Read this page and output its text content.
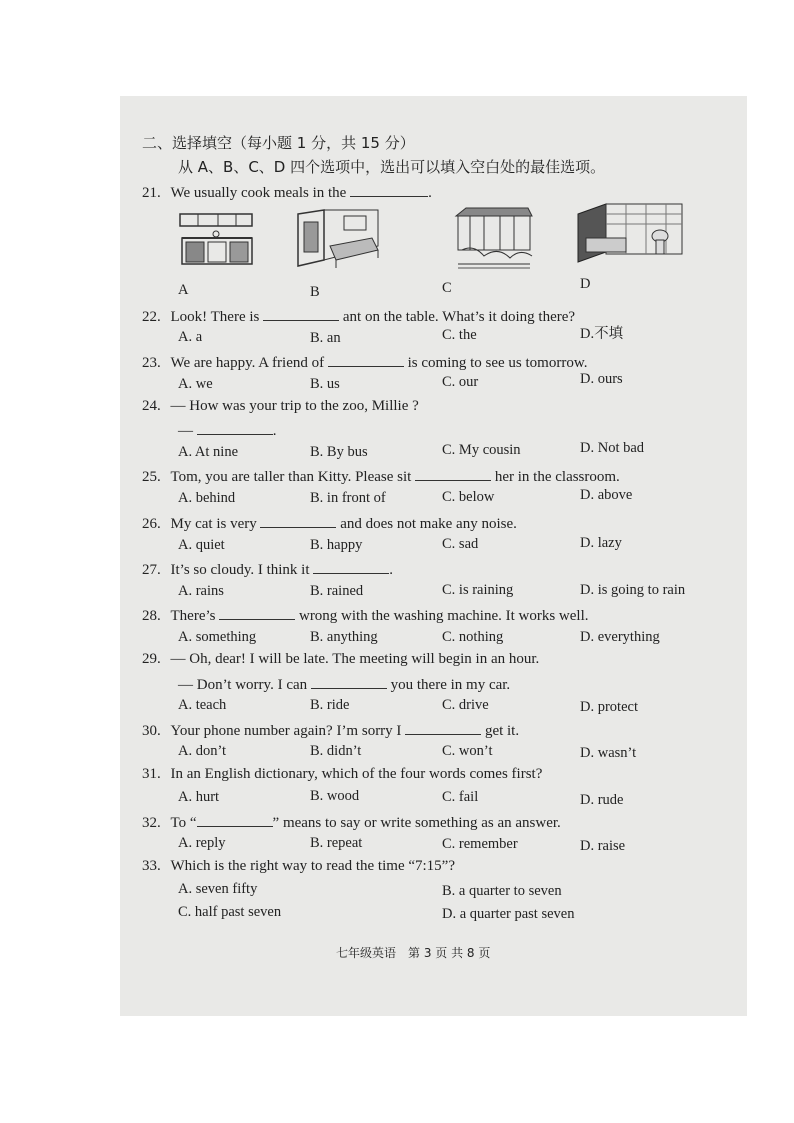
二、选择填空（每小题 1 分，共 15 分）
从 A、B、C、D 四个选项中，选出可以填入空白处的最佳选项。
21. We usually cook meals in the	.
A	B	C	D
22. Look! There is	ant on the table. What’s it doing there?
A. a	B. an	C. the	D.不填
23. We are happy. A friend of	is coming to see us tomorrow.
A. we	B. us	C. our	D. ours
24. — How was your trip to the zoo, Millie ?
—	.
A. At nine	B. By bus	C. My cousin	D. Not bad
25. Tom, you are taller than Kitty. Please sit	her in the classroom.
A. behind	B. in front of	C. below	D. above
26. My cat is very	and does not make any noise.
A. quiet	B. happy	C. sad	D. lazy
27. It’s so cloudy. I think it	.
A. rains	B. rained	C. is raining	D. is going to rain
28. There’s	wrong with the washing machine. It works well.
A. something	B. anything	C. nothing	D. everything
29. — Oh, dear! I will be late. The meeting will begin in an hour.
— Don’t worry. I can	you there in my car.
A. teach	B. ride	C. drive	D. protect
30. Your phone number again? I’m sorry I	get it.
A. don’t	B. didn’t	C. won’t	D. wasn’t
31. In an English dictionary, which of the four words comes first?
A. hurt	B. wood	C. fail	D. rude
32. To “	” means to say or write something as an answer.
A. reply	B. repeat	C. remember	D. raise
33. Which is the right way to read the time “7:15”?
A. seven fifty	B. a quarter to seven
C. half past seven	D. a quarter past seven
七年级英语　第 3 页 共 8 页
